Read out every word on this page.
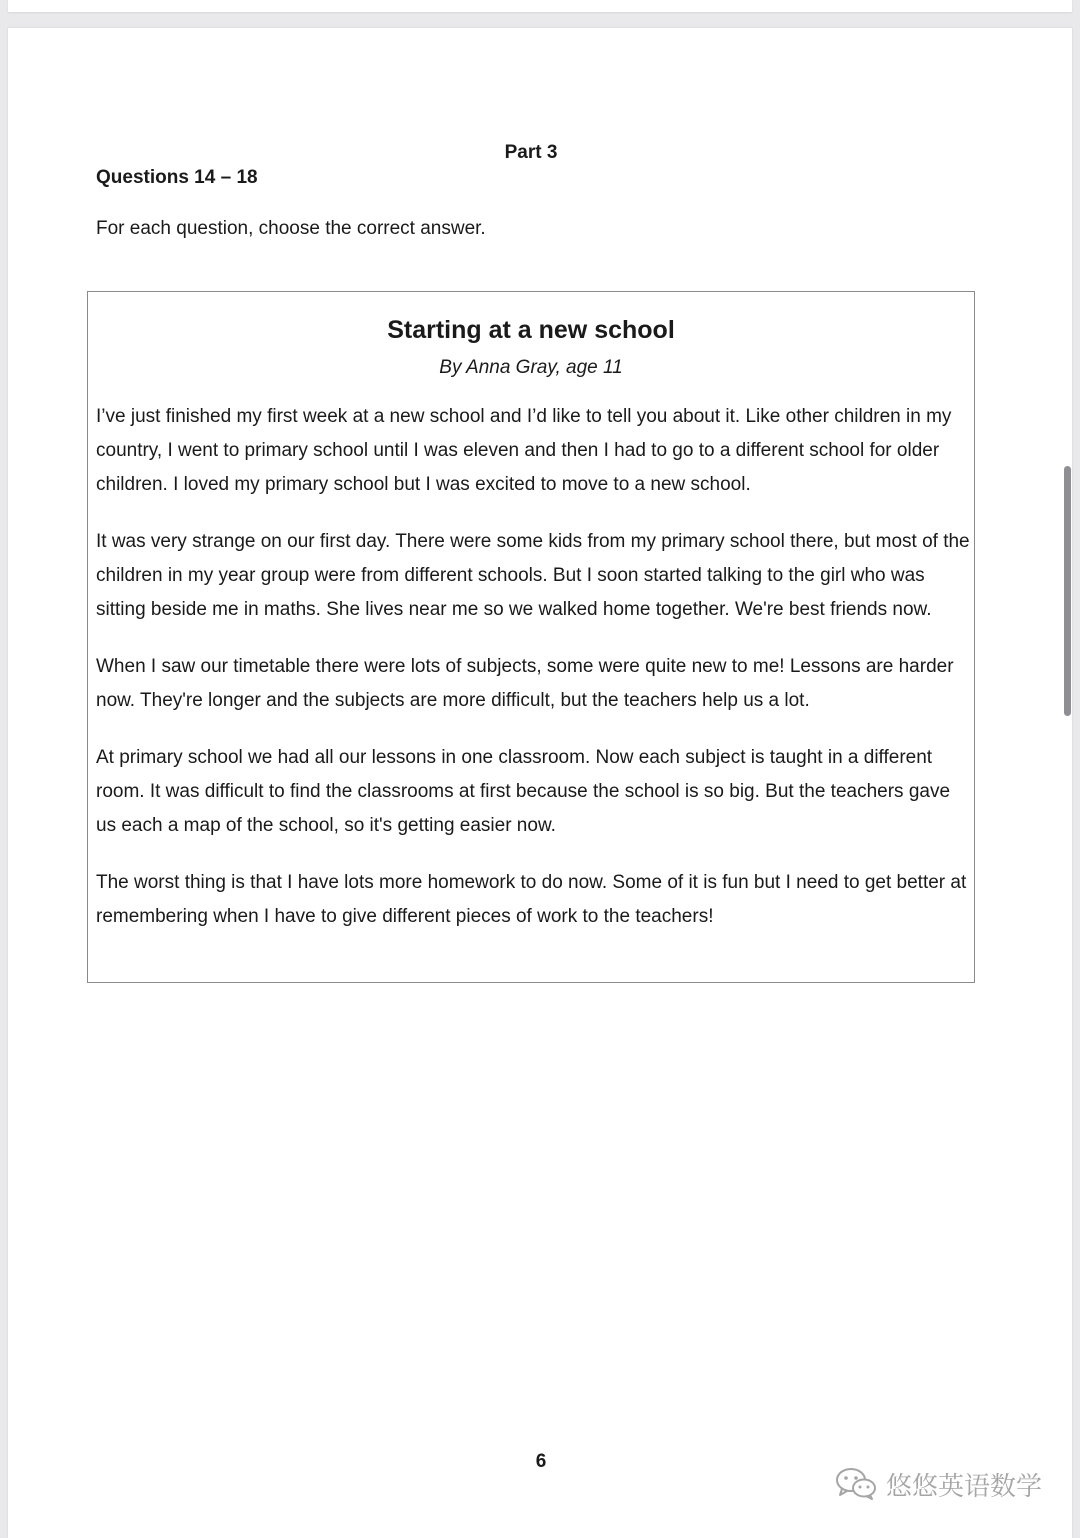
Part 3
Questions 14 – 18
For each question, choose the correct answer.
Starting at a new school
By Anna Gray, age 11

I’ve just finished my first week at a new school and I’d like to tell you about it. Like other children in my country, I went to primary school until I was eleven and then I had to go to a different school for older children. I loved my primary school but I was excited to move to a new school.

It was very strange on our first day. There were some kids from my primary school there, but most of the children in my year group were from different schools. But I soon started talking to the girl who was sitting beside me in maths. She lives near me so we walked home together. We're best friends now.

When I saw our timetable there were lots of subjects, some were quite new to me! Lessons are harder now. They're longer and the subjects are more difficult, but the teachers help us a lot.

At primary school we had all our lessons in one classroom. Now each subject is taught in a different room. It was difficult to find the classrooms at first because the school is so big. But the teachers gave us each a map of the school, so it's getting easier now.

The worst thing is that I have lots more homework to do now. Some of it is fun but I need to get better at remembering when I have to give different pieces of work to the teachers!

6
悠悠英语数学
